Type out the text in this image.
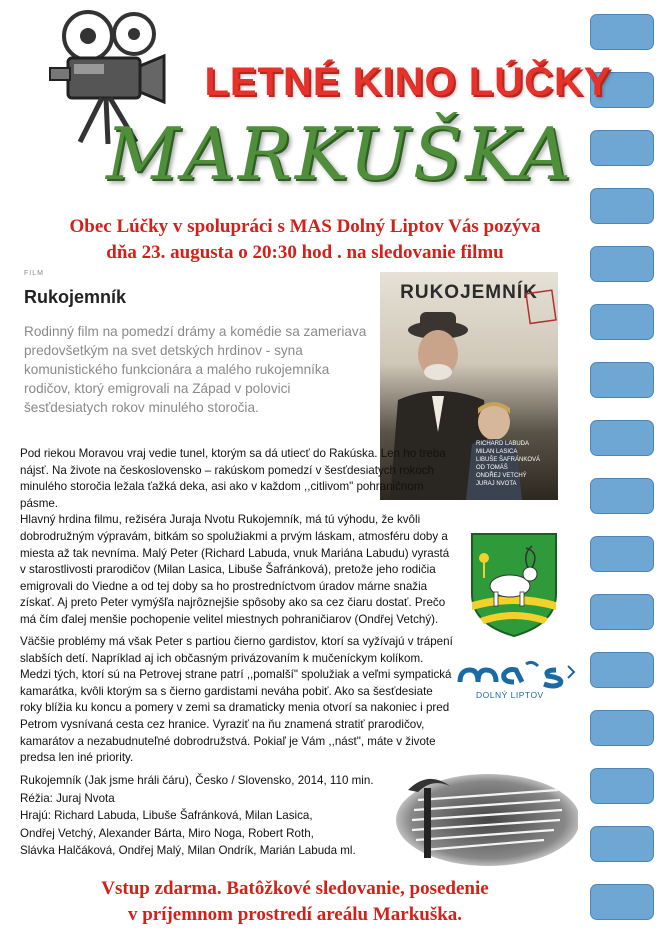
LETNÉ KINO LÚČKY
MARKUŠKA
Obec Lúčky v spolupráci s MAS Dolný Liptov Vás pozýva
dňa 23. augusta o 20:30 hod . na sledovanie filmu
FILM
Rukojemník
Rodinný film na pomedzí drámy a komédie sa zameriava predovšetkým na svet detských hrdinov - syna komunistického funkcionára a malého rukojemníka rodičov, ktorý emigrovali na Západ v polovici šesťdesiatych rokov minulého storočia.
RUKOJEMNÍK
RICHARD LABUDA
MILAN LASICA
LIBUŠE ŠAFRÁNKOVÁ
OD TOMÁŠ
ONDŘEJ VETCHÝ
JURAJ NVOTA

Pod riekou Moravou vraj vedie tunel, ktorým sa dá utiecť do Rakúska. Len ho treba nájsť. Na živote na československo – rakúskom pomedzí v šesťdesiatych rokoch minulého storočia ležala ťažká deka, asi ako v každom ,,citlivom" pohraničnom pásme.

Hlavný hrdina filmu, režiséra Juraja Nvotu Rukojemník, má tú výhodu, že kvôli dobrodružným výpravám, bitkám so spolužiakmi a prvým láskam, atmosféru doby a miesta až tak nevníma. Malý Peter (Richard Labuda, vnuk Mariána Labudu) vyrastá v starostlivosti prarodičov (Milan Lasica, Libuše Šafránková), pretože jeho rodičia emigrovali do Viedne a od tej doby sa ho prostredníctvom úradov márne snažia získať. Aj preto Peter vymýšľa najrôznejšie spôsoby ako sa cez čiaru dostať. Prečo má čím ďalej menšie pochopenie velitel miestnych pohraničiarov (Ondřej Vetchý).

Väčšie problémy má však Peter s partiou čierno gardistov, ktorí sa vyžívajú v trápení slabších detí. Napríklad aj ich občasným privázovaním k mučeníckym kolíkom. Medzi tých, ktorí sú na Petrovej strane patrí ,,pomalší" spolužiak a veľmi sympatická kamarátka, kvôli ktorým sa s čierno gardistami neváha pobiť. Ako sa šesťdesiate roky blížia ku koncu a pomery v zemi sa dramaticky menia otvorí sa nakoniec i pred Petrom vysnívaná cesta cez hranice. Vyraziť na ňu znamená stratiť prarodičov, kamarátov a nezabudnuteľné dobrodružstvá. Pokiaľ je Vám ,,nást", máte v živote predsa len iné priority.

DOLNÝ LIPTOV
Rukojemník (Jak jsme hráli čáru), Česko / Slovensko, 2014, 110 min.
Réžia: Juraj Nvota
Hrajú: Richard Labuda, Libuše Šafránková, Milan Lasica,
Ondřej Vetchý, Alexander Bárta, Miro Noga, Robert Roth,
Slávka Halčáková, Ondřej Malý, Milan Ondrík, Marián Labuda ml.
Vstup zdarma. Batôžkové sledovanie, posedenie
v príjemnom prostredí areálu Markuška.
